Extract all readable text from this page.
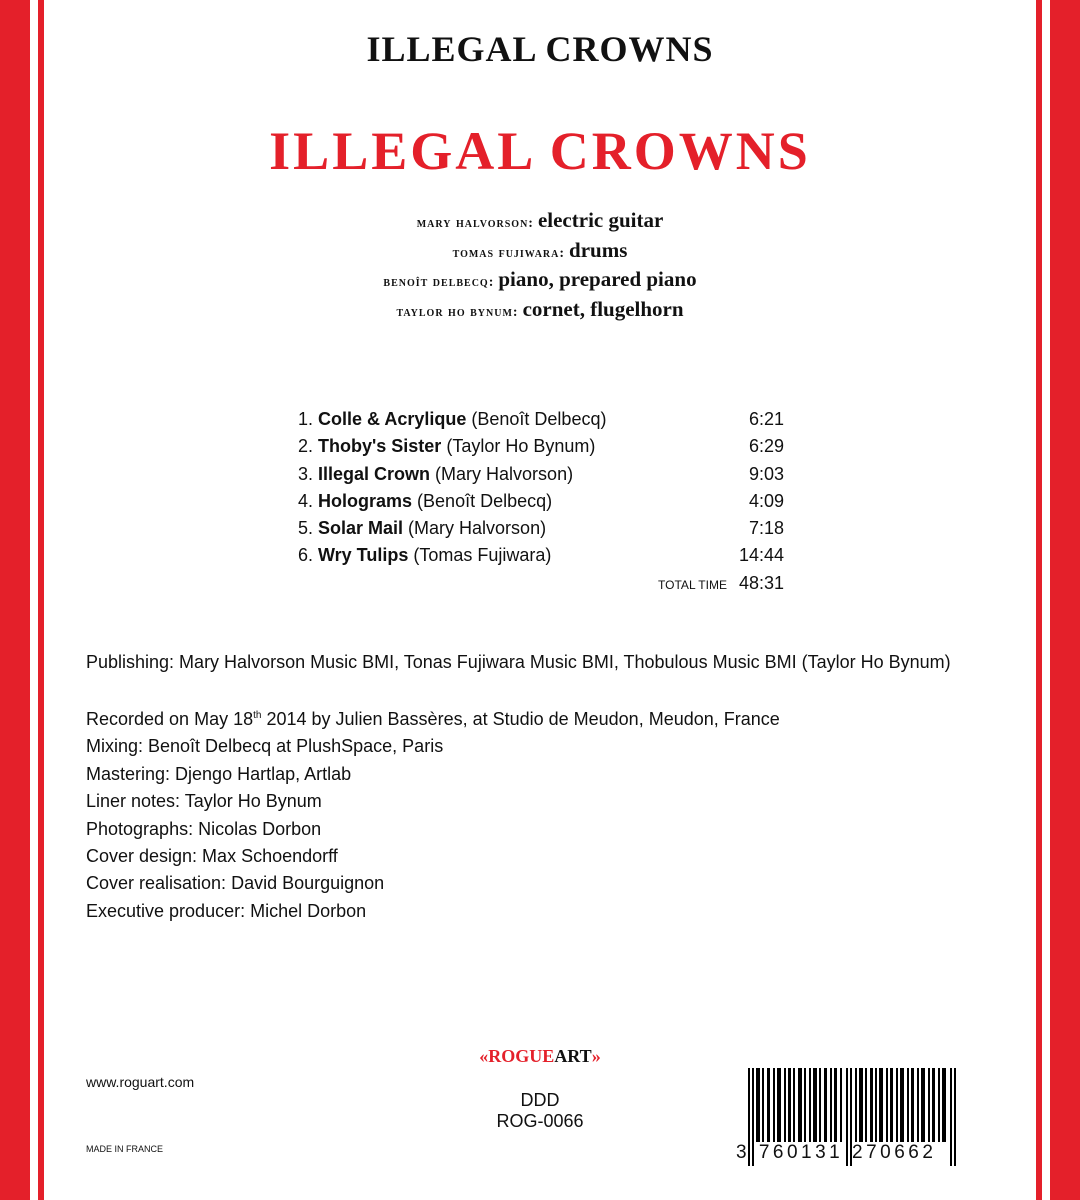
ILLEGAL CROWNS
ILLEGAL CROWNS
mary halvorson: electric guitar
tomas fujiwara: drums
benoît delbecq: piano, prepared piano
taylor ho bynum: cornet, flugelhorn
1. Colle & Acrylique (Benoît Delbecq)	6:21
2. Thoby's Sister (Taylor Ho Bynum)	6:29
3. Illegal Crown (Mary Halvorson)	9:03
4. Holograms (Benoît Delbecq)	4:09
5. Solar Mail (Mary Halvorson)	7:18
6. Wry Tulips (Tomas Fujiwara)	14:44
TOTAL TIME 48:31
Publishing: Mary Halvorson Music BMI, Tonas Fujiwara Music BMI, Thobulous Music BMI (Taylor Ho Bynum)
Recorded on May 18th 2014 by Julien Bassères, at Studio de Meudon, Meudon, France
Mixing: Benoît Delbecq at PlushSpace, Paris
Mastering: Djengo Hartlap, Artlab
Liner notes: Taylor Ho Bynum
Photographs: Nicolas Dorbon
Cover design: Max Schoendorff
Cover realisation: David Bourguignon
Executive producer: Michel Dorbon
«ROGUEART»
www.roguart.com
MADE IN FRANCE
DDD
ROG-0066
3 760131 270662
